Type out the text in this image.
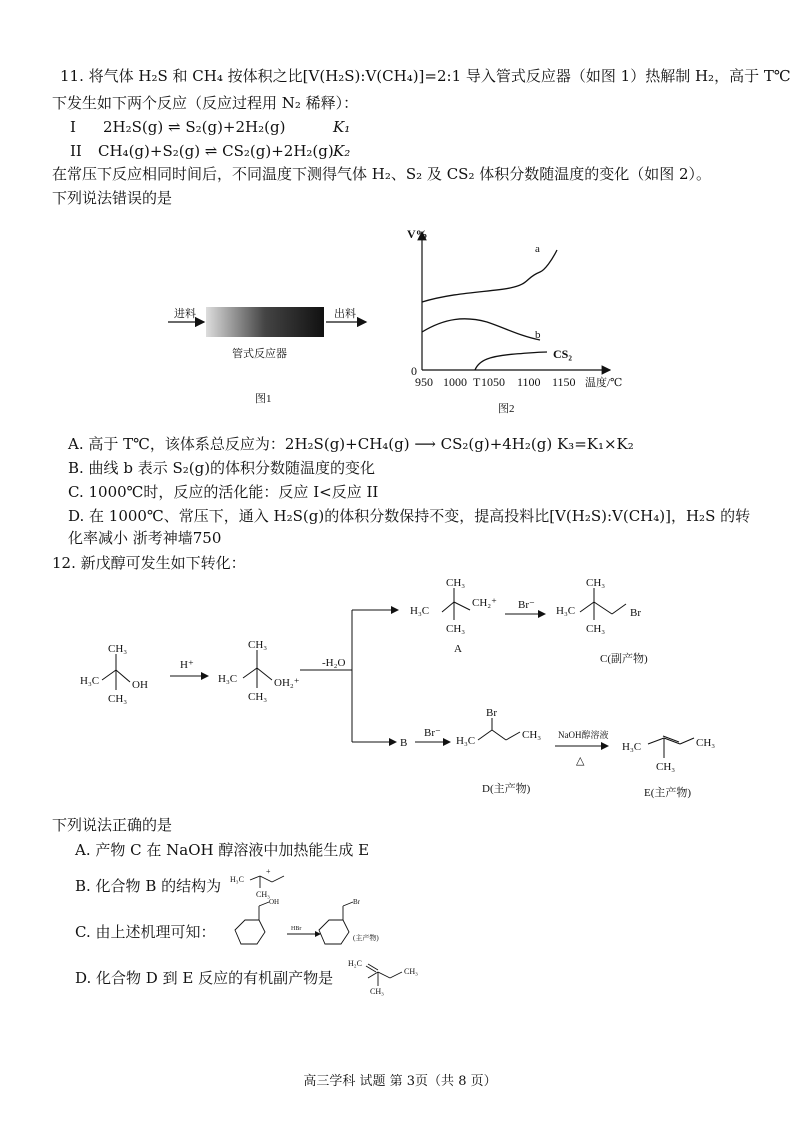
11. 将气体 H₂S 和 CH₄ 按体积之比[V(H₂S):V(CH₄)]=2:1 导入管式反应器（如图 1）热解制 H₂，高于 T℃
下发生如下两个反应（反应过程用 N₂ 稀释）：
I 2H₂S(g) ⇌ S₂(g)+2H₂(g)	K₁
II CH₄(g)+S₂(g) ⇌ CS₂(g)+2H₂(g) K₂
在常压下反应相同时间后，不同温度下测得气体 H₂、S₂ 及 CS₂ 体积分数随温度的变化（如图 2）。
下列说法错误的是
进料	出料
管式反应器
图1
V%
0
a
b
CS₂
950 1000 T 1050 1100 1150 温度/℃
图2
A. 高于 T℃，该体系总反应为：2H₂S(g)+CH₄(g) ⟶ CS₂(g)+4H₂(g) K₃=K₁×K₂
B. 曲线 b 表示 S₂(g)的体积分数随温度的变化
C. 1000℃时，反应的活化能：反应 I<反应 II
D. 在 1000℃、常压下，通入 H₂S(g)的体积分数保持不变，提高投料比[V(H₂S):V(CH₄)]，H₂S 的转
化率减小 浙考神墙750
12. 新戊醇可发生如下转化：
H₃C
CH₃
CH₃
OH
H⁺
H₃C
CH₃
CH₃
OH₂⁺
-H₂O
H₃C
CH₃
CH₃
CH₂⁺
A
Br⁻ H₃C
CH₃
CH₃
Br
C(副产物)
B
Br⁻
H₃C
Br
CH₃
D(主产物)
NaOH醇溶液
△
H₃C
CH₃
CH₃
E(主产物)
下列说法正确的是
A. 产物 C 在 NaOH 醇溶液中加热能生成 E
B. 化合物 B 的结构为 H₃C
CH₃
+
C. 由上述机理可知：
OH	Br
HBr
(主产物)
D. 化合物 D 到 E 反应的有机副产物是
H₂C
CH₃
CH₃
高三学科 试题 第 3页（共 8 页）
